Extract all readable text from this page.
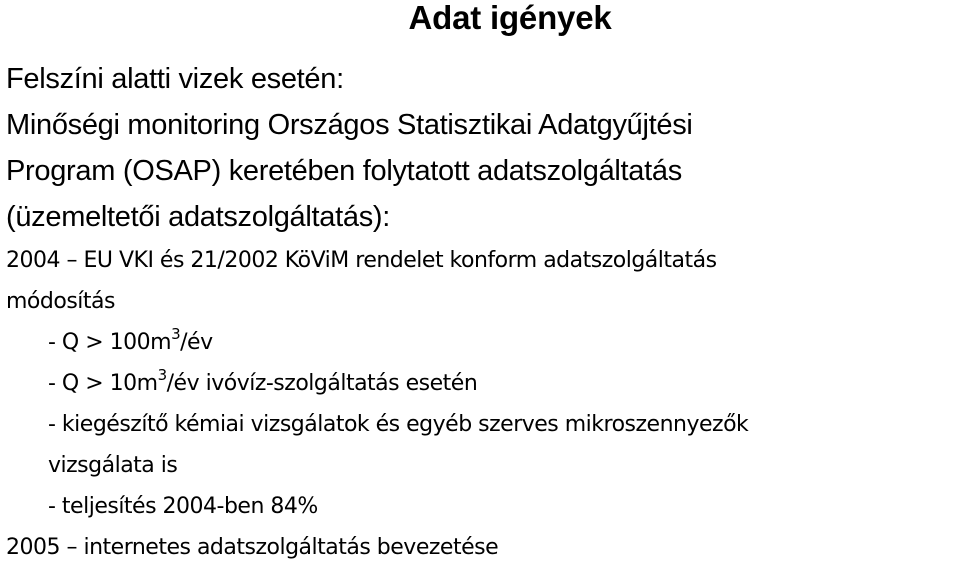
Adat igények

Felszíni alatti vizek esetén:

Minőségi monitoring Országos Statisztikai Adatgyűjtési

Program (OSAP) keretében folytatott adatszolgáltatás

(üzemeltetői adatszolgáltatás):

2004 – EU VKI és 21/2002 KöViM rendelet konform adatszolgáltatás

módosítás

- $Q > 100m^3/év$

- $Q > 10m^3/év$ ivóvíz-szolgáltatás esetén

- kiegészítő kémiai vizsgálatok és egyéb szerves mikroszennyezők

vizsgálata is

- teljesítés 2004-ben 84%

2005 – internetes adatszolgáltatás bevezetése
